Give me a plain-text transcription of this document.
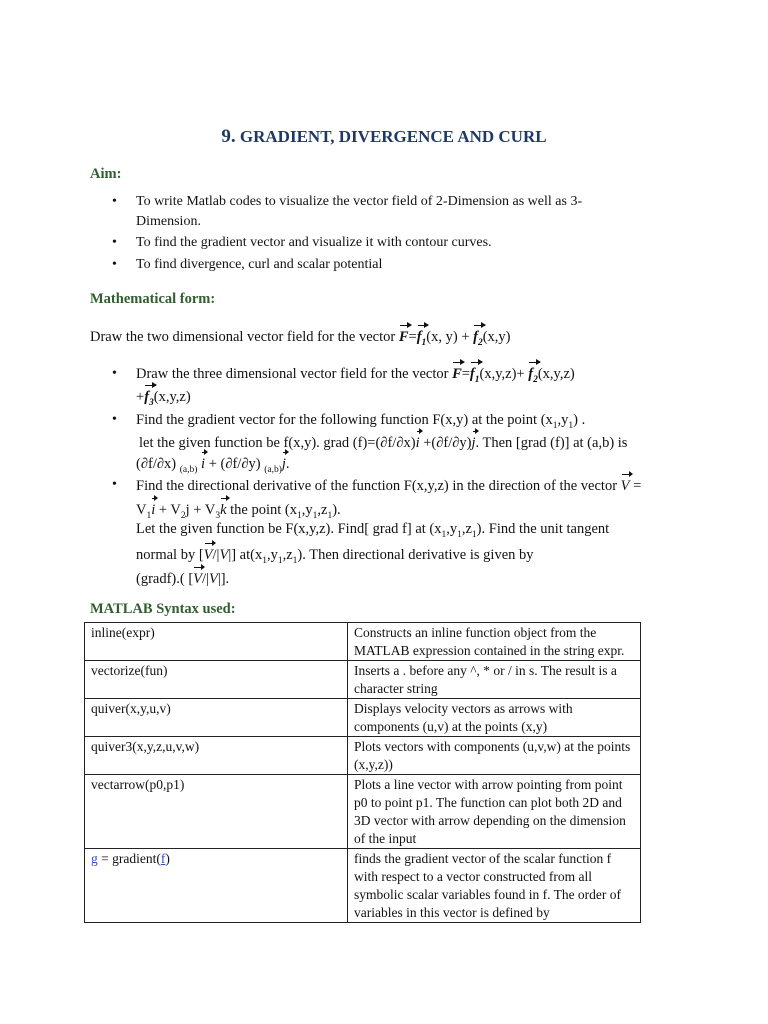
9. GRADIENT, DIVERGENCE AND CURL
Aim:
• To write Matlab codes to visualize the vector field of 2-Dimension as well as 3-
Dimension.
• To find the gradient vector and visualize it with contour curves.
• To find divergence, curl and scalar potential
Mathematical form:
Draw the two dimensional vector field for the vector $F=f_1(x$, $y) + f_2(x,y)$
• Draw the three dimensional vector field for the vector $F=f_1(x,y,z)+ f_2(x,y,z)$
$+f_3(x,y,z)$
• Find the gradient vector for the following function F(x,y) at the point $(x_1,y_1)$ .
let the given function be f(x,y). grad (f)=(∂f/∂x)i +(∂f/∂y)j. Then [grad (f)] at (a,b) is
(∂f/∂x) $_{(a,b)}$ i + (∂f/∂y) $_{(a,b)}$j.
• Find the directional derivative of the function F(x,y,z) in the direction of the vector V =
$V_1i + V_2j + V_3k$ the point $(x_1,y_1,z_1)$.
Let the given function be F(x,y,z). Find[ grad f] at $(x_1,y_1,z_1)$. Find the unit tangent
normal by [V/|V|] $at(x_1,y_1,z_1)$. Then directional derivative is given by
(gradf).( [V/|V|].
MATLAB Syntax used:
inline(expr)	Constructs an inline function object from the MATLAB expression contained in the string expr.
vectorize(fun)	Inserts a . before any ^, * or / in s. The result is a character string
quiver(x,y,u,v)	Displays velocity vectors as arrows with components (u,v) at the points (x,y)
quiver3(x,y,z,u,v,w)	Plots vectors with components (u,v,w) at the points (x,y,z))
vectarrow(p0,p1)	Plots a line vector with arrow pointing from point p0 to point p1. The function can plot both 2D and 3D vector with arrow depending on the dimension of the input
g = gradient(f)	finds the gradient vector of the scalar function f with respect to a vector constructed from all symbolic scalar variables found in f. The order of variables in this vector is defined by
